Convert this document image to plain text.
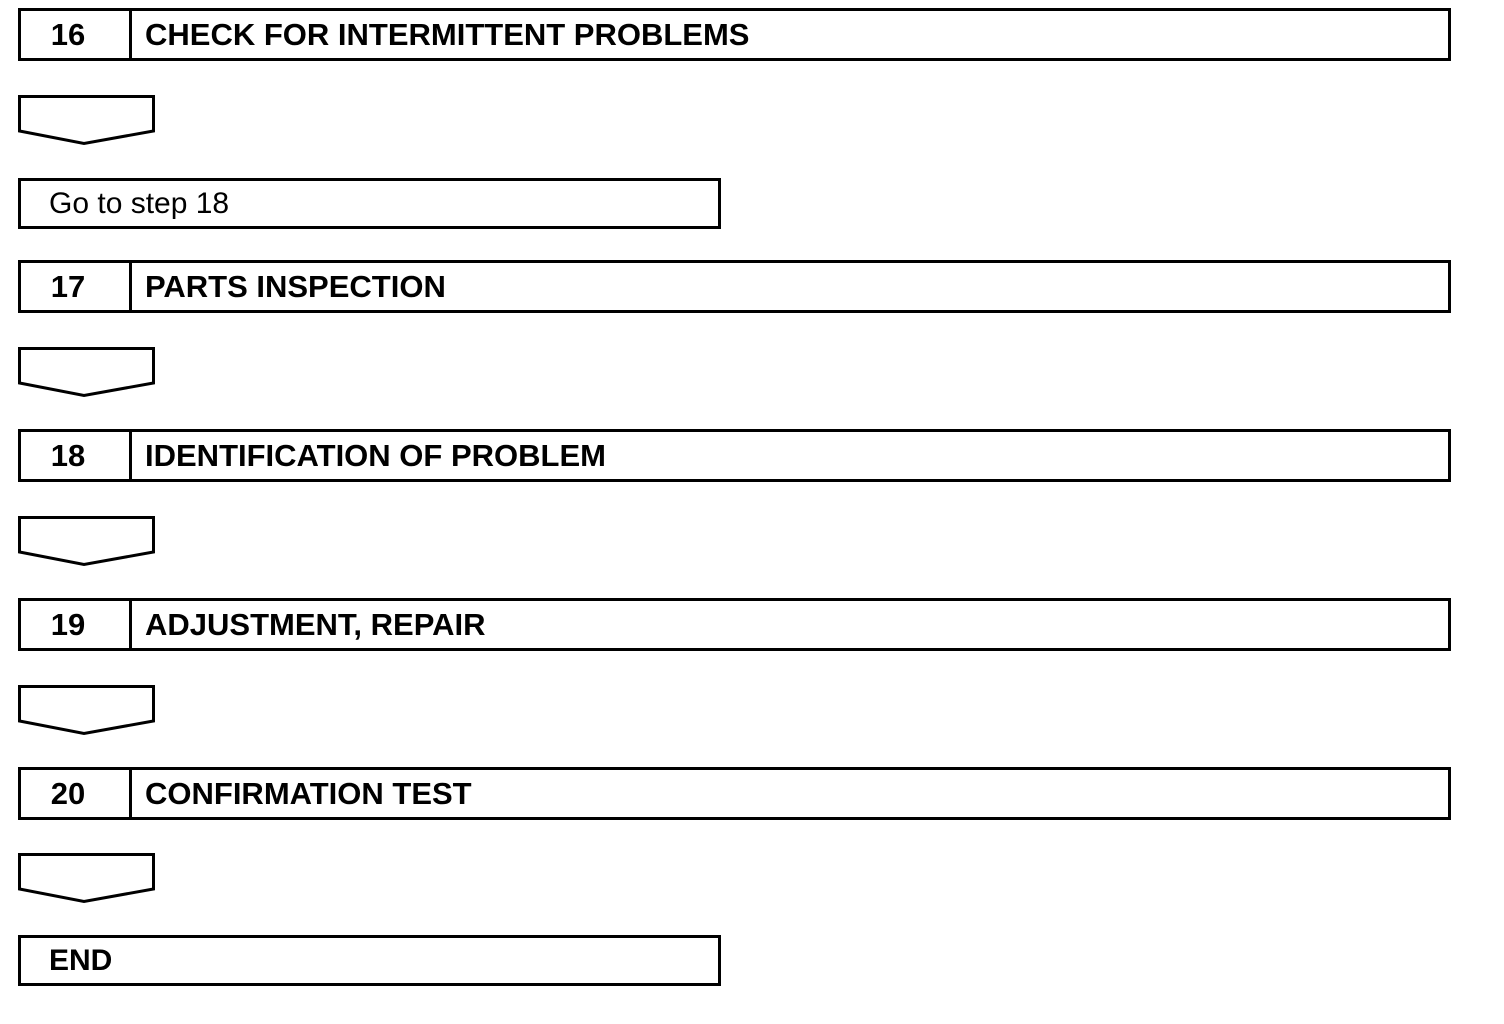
16	CHECK FOR INTERMITTENT PROBLEMS
Go to step 18
17	PARTS INSPECTION
18	IDENTIFICATION OF PROBLEM
19	ADJUSTMENT, REPAIR
20	CONFIRMATION TEST
END
